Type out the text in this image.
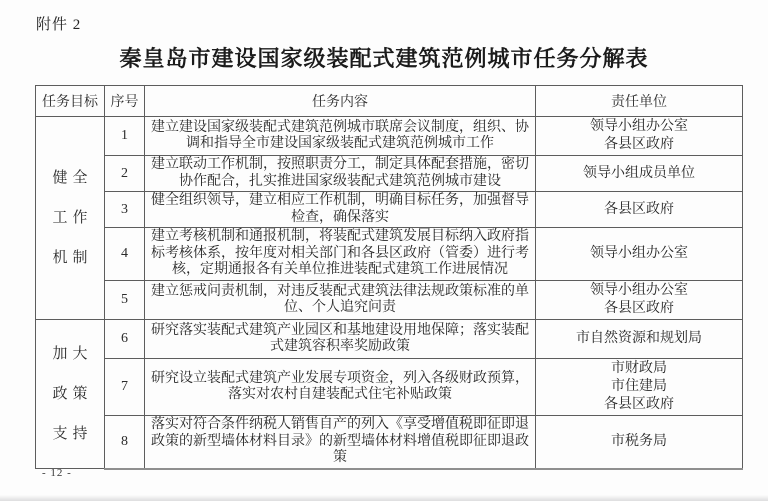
附件 2
秦皇岛市建设国家级装配式建筑范例城市任务分解表
任务目标	序号	任务内容	责任单位

健全
工作
机制
	1	建立建设国家级装配式建筑范例城市联席会议制度，组织、协调和指导全市建设国家级装配式建筑范例城市工作	
领导小组办公室
各县区政府

	2	建立联动工作机制，按照职责分工，制定具体配套措施，密切协作配合，扎实推进国家级装配式建筑范例城市建设	领导小组成员单位

	3	健全组织领导，建立相应工作机制，明确目标任务，加强督导检查，确保落实	各县区政府

	4	建立考核机制和通报机制，将装配式建筑发展目标纳入政府指标考核体系，按年度对相关部门和各县区政府（管委）进行考核，定期通报各有关单位推进装配式建筑工作进展情况	领导小组办公室

	5	建立惩戒问责机制，对违反装配式建筑法律法规政策标准的单位、个人追究问责	领导小组办公室
各县区政府

加大
政策
支持	6	研究落实装配式建筑产业园区和基地建设用地保障；落实装配式建筑容积率奖励政策	市自然资源和规划局

	7	研究设立装配式建筑产业发展专项资金，列入各级财政预算，落实对农村自建装配式住宅补贴政策	市财政局
市住建局
各县区政府

	8	落实对符合条件纳税人销售自产的列入《享受增值税即征即退政策的新型墙体材料目录》的新型墙体材料增值税即征即退政策	市税务局
- 12 -
